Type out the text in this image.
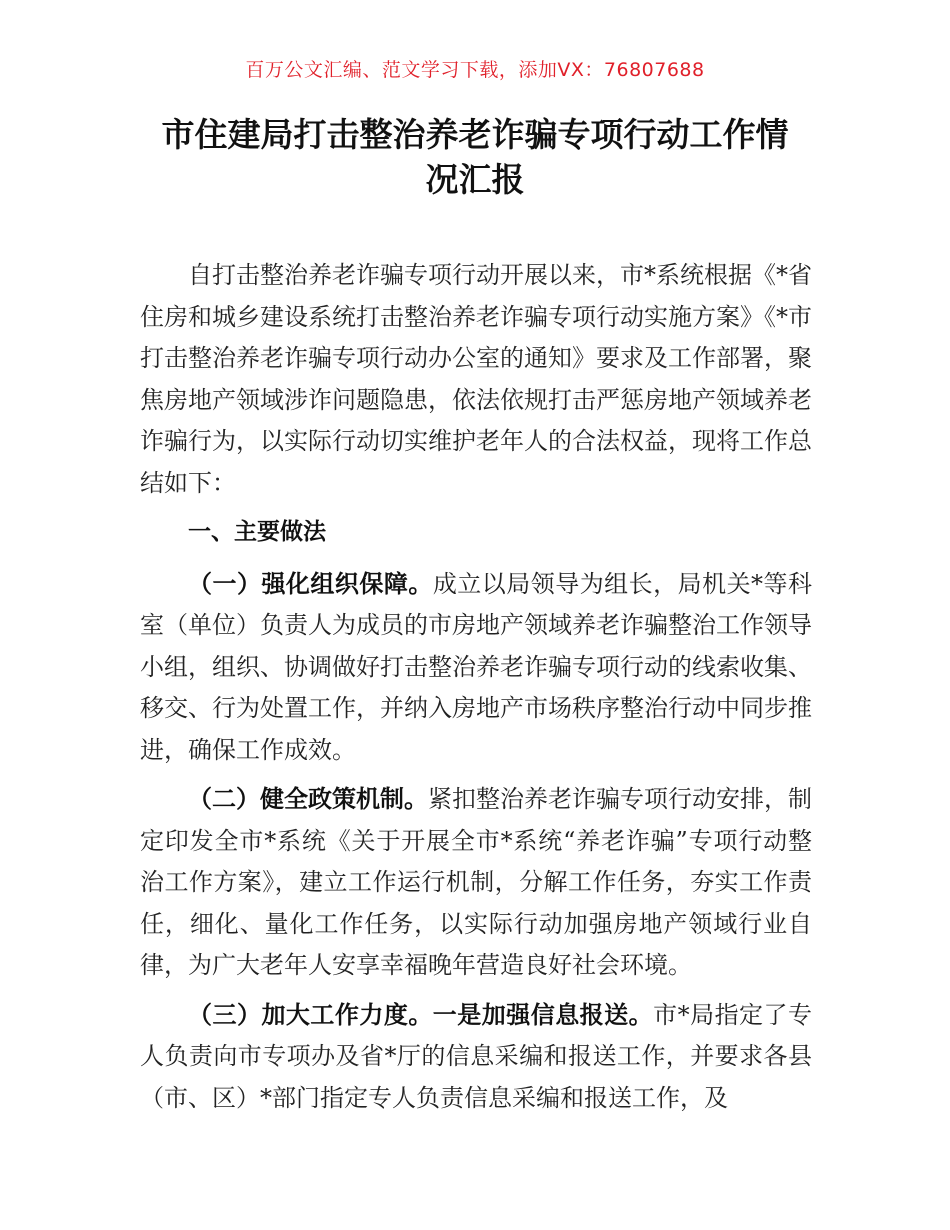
百万公文汇编、范文学习下载，添加VX：76807688
市住建局打击整治养老诈骗专项行动工作情
况汇报

自打击整治养老诈骗专项行动开展以来，市*系统根据《*省住房和城乡建设系统打击整治养老诈骗专项行动实施方案》《*市打击整治养老诈骗专项行动办公室的通知》要求及工作部署，聚焦房地产领域涉诈问题隐患，依法依规打击严惩房地产领域养老诈骗行为，以实际行动切实维护老年人的合法权益，现将工作总结如下：

一、主要做法

（一）强化组织保障。成立以局领导为组长，局机关*等科室（单位）负责人为成员的市房地产领域养老诈骗整治工作领导小组，组织、协调做好打击整治养老诈骗专项行动的线索收集、移交、行为处置工作，并纳入房地产市场秩序整治行动中同步推进，确保工作成效。

（二）健全政策机制。紧扣整治养老诈骗专项行动安排，制定印发全市*系统《关于开展全市*系统“养老诈骗”专项行动整治工作方案》，建立工作运行机制，分解工作任务，夯实工作责任，细化、量化工作任务，以实际行动加强房地产领域行业自律，为广大老年人安享幸福晚年营造良好社会环境。

（三）加大工作力度。一是加强信息报送。市*局指定了专人负责向市专项办及省*厅的信息采编和报送工作，并要求各县（市、区）*部门指定专人负责信息采编和报送工作，及
